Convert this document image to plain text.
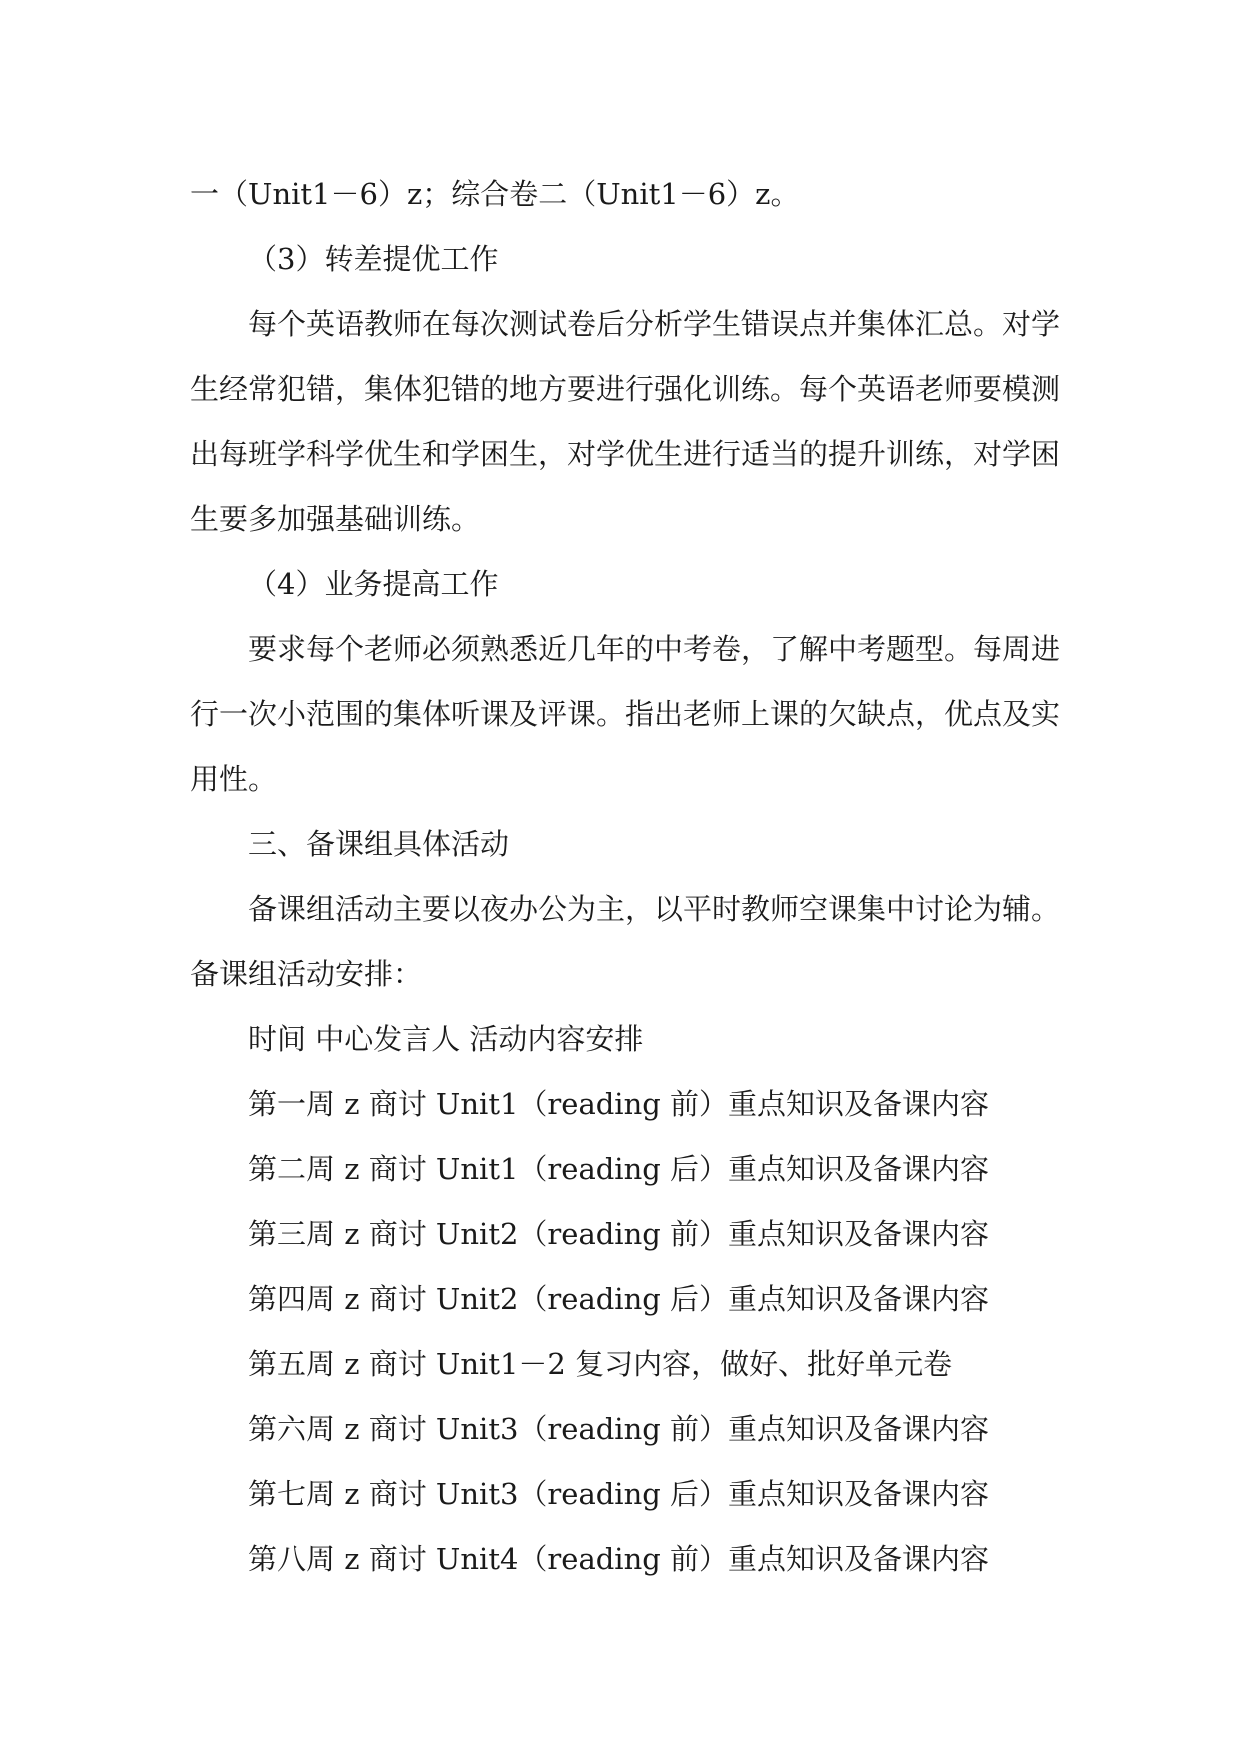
一（Unit1－6）z；综合卷二（Unit1－6）z。
（3）转差提优工作
每个英语教师在每次测试卷后分析学生错误点并集体汇总。对学
生经常犯错，集体犯错的地方要进行强化训练。每个英语老师要模测
出每班学科学优生和学困生，对学优生进行适当的提升训练，对学困
生要多加强基础训练。
（4）业务提高工作
要求每个老师必须熟悉近几年的中考卷，了解中考题型。每周进
行一次小范围的集体听课及评课。指出老师上课的欠缺点，优点及实
用性。
三、备课组具体活动
备课组活动主要以夜办公为主，以平时教师空课集中讨论为辅。
备课组活动安排：
时间 中心发言人 活动内容安排
第一周 z 商讨 Unit1（reading 前）重点知识及备课内容
第二周 z 商讨 Unit1（reading 后）重点知识及备课内容
第三周 z 商讨 Unit2（reading 前）重点知识及备课内容
第四周 z 商讨 Unit2（reading 后）重点知识及备课内容
第五周 z 商讨 Unit1－2 复习内容，做好、批好单元卷
第六周 z 商讨 Unit3（reading 前）重点知识及备课内容
第七周 z 商讨 Unit3（reading 后）重点知识及备课内容
第八周 z 商讨 Unit4（reading 前）重点知识及备课内容
